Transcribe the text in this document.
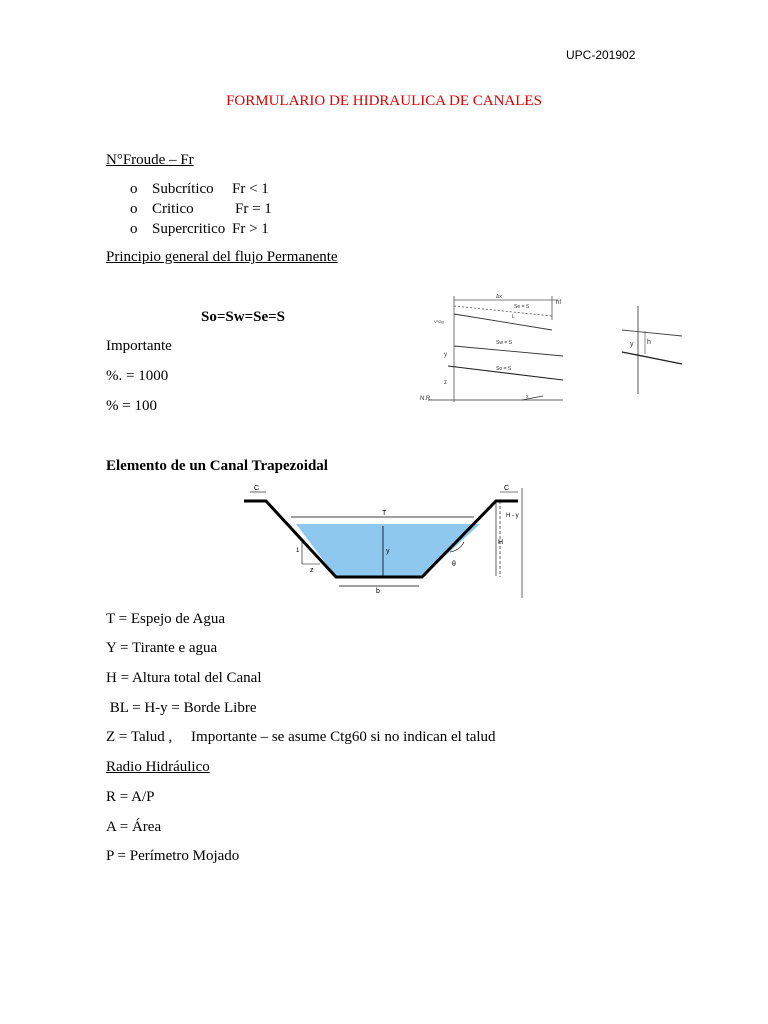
UPC-201902
FORMULARIO DE HIDRAULICA DE CANALES
N°Froude – Fr
o Subcrítico Fr < 1
o Critico	Fr = 1
o Supercritico Fr > 1
Principio general del flujo Permanente
So=Sw=Se=S
Importante
%. = 1000
% = 100
Δx
hf
V²/2g
Se = S
L
Sw = S
y
So = S
z
N.R.	x
y h
Elemento de un Canal Trapezoidal
C	C
T
y
H
H - y
1
z
b
θ
T = Espejo de Agua
Y = Tirante e agua
H = Altura total del Canal
BL = H-y = Borde Libre
Z = Talud ,     Importante – se asume Ctg60 si no indican el talud
Radio Hidráulico
R = A/P
A = Área
P = Perímetro Mojado
